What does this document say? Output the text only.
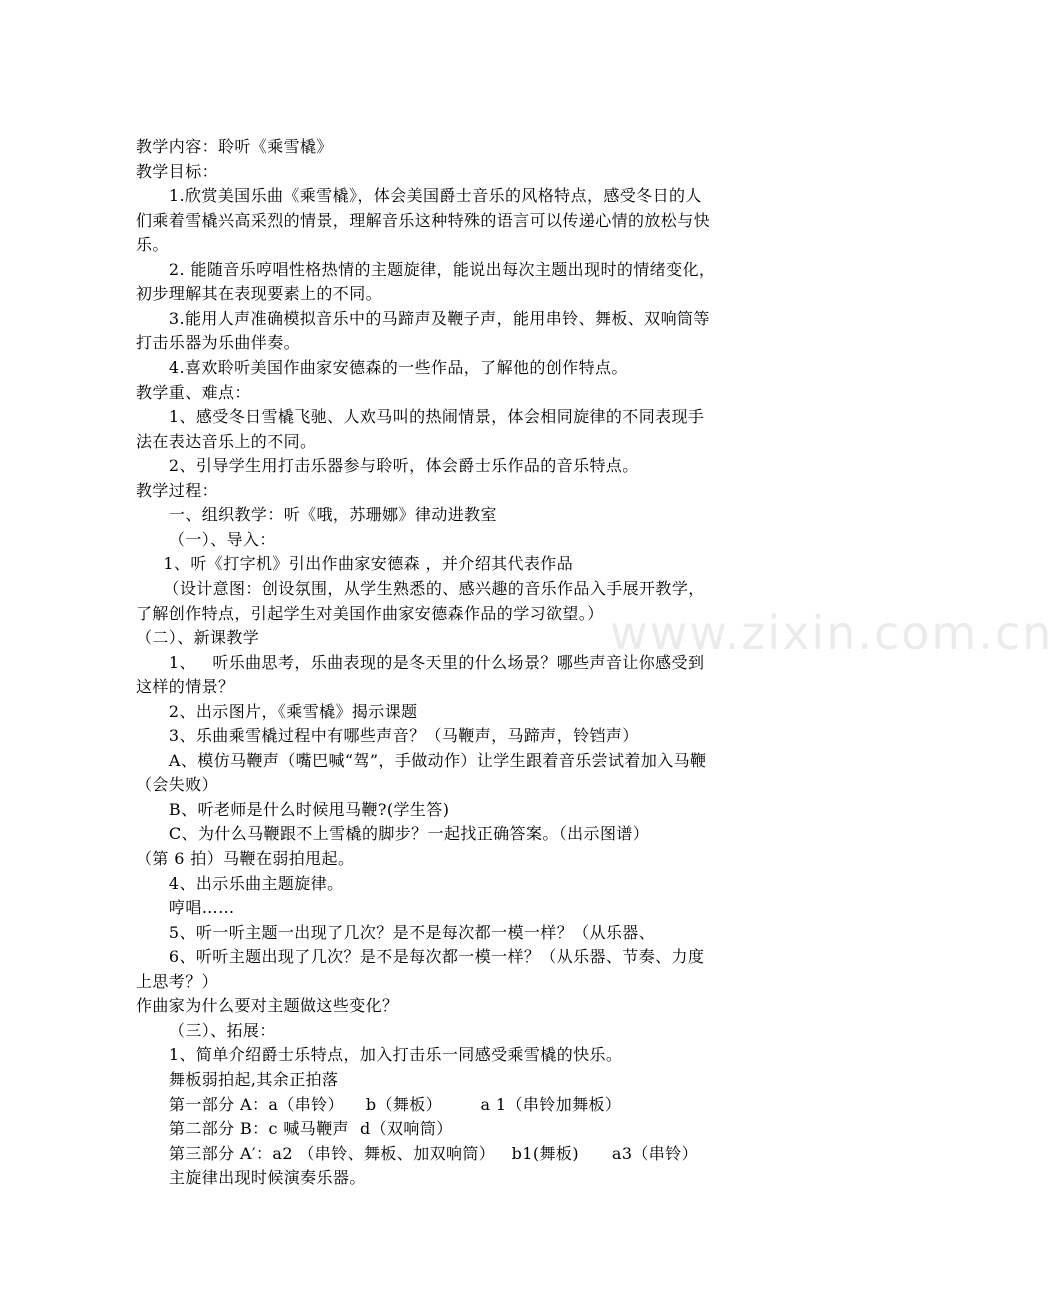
www.zixin.com.cn
教学内容：聆听《乘雪橇》
教学目标：
1.欣赏美国乐曲《乘雪橇》，体会美国爵士音乐的风格特点，感受冬日的人
们乘着雪橇兴高采烈的情景，理解音乐这种特殊的语言可以传递心情的放松与快
乐。
2. 能随音乐哼唱性格热情的主题旋律，能说出每次主题出现时的情绪变化，
初步理解其在表现要素上的不同。
3.能用人声准确模拟音乐中的马蹄声及鞭子声，能用串铃、舞板、双响筒等
打击乐器为乐曲伴奏。
4.喜欢聆听美国作曲家安德森的一些作品，了解他的创作特点。
教学重、难点：
1、感受冬日雪橇飞驰、人欢马叫的热闹情景，体会相同旋律的不同表现手
法在表达音乐上的不同。
2、引导学生用打击乐器参与聆听，体会爵士乐作品的音乐特点。
教学过程：
一、组织教学：听《哦，苏珊娜》律动进教室
（一）、导入：
1、听《打字机》引出作曲家安德森 ，并介绍其代表作品
（设计意图：创设氛围，从学生熟悉的、感兴趣的音乐作品入手展开教学，
了解创作特点，引起学生对美国作曲家安德森作品的学习欲望。）
（二）、新课教学
1、   听乐曲思考，乐曲表现的是冬天里的什么场景？哪些声音让你感受到
这样的情景？
2、出示图片，《乘雪橇》揭示课题
3、乐曲乘雪橇过程中有哪些声音？（马鞭声，马蹄声，铃铛声）
A、模仿马鞭声（嘴巴喊“驾”，手做动作）让学生跟着音乐尝试着加入马鞭
（会失败）
B、听老师是什么时候甩马鞭?(学生答)
C、为什么马鞭跟不上雪橇的脚步？一起找正确答案。（出示图谱）
（第 6 拍）马鞭在弱拍甩起。
4、出示乐曲主题旋律。
哼唱……
5、听一听主题一出现了几次？是不是每次都一模一样？（从乐器、
6、听听主题出现了几次？是不是每次都一模一样？（从乐器、节奏、力度
上思考？）
作曲家为什么要对主题做这些变化？
（三）、拓展：
1、简单介绍爵士乐特点，加入打击乐一同感受乘雪橇的快乐。
舞板弱拍起,其余正拍落
第一部分 A：a（串铃）    b（舞板）       a 1（串铃加舞板）
第二部分 B：c 喊马鞭声  d（双响筒）
第三部分 A′：a2 （串铃、舞板、加双响筒）   b1(舞板)      a3（串铃）
主旋律出现时候演奏乐器。
